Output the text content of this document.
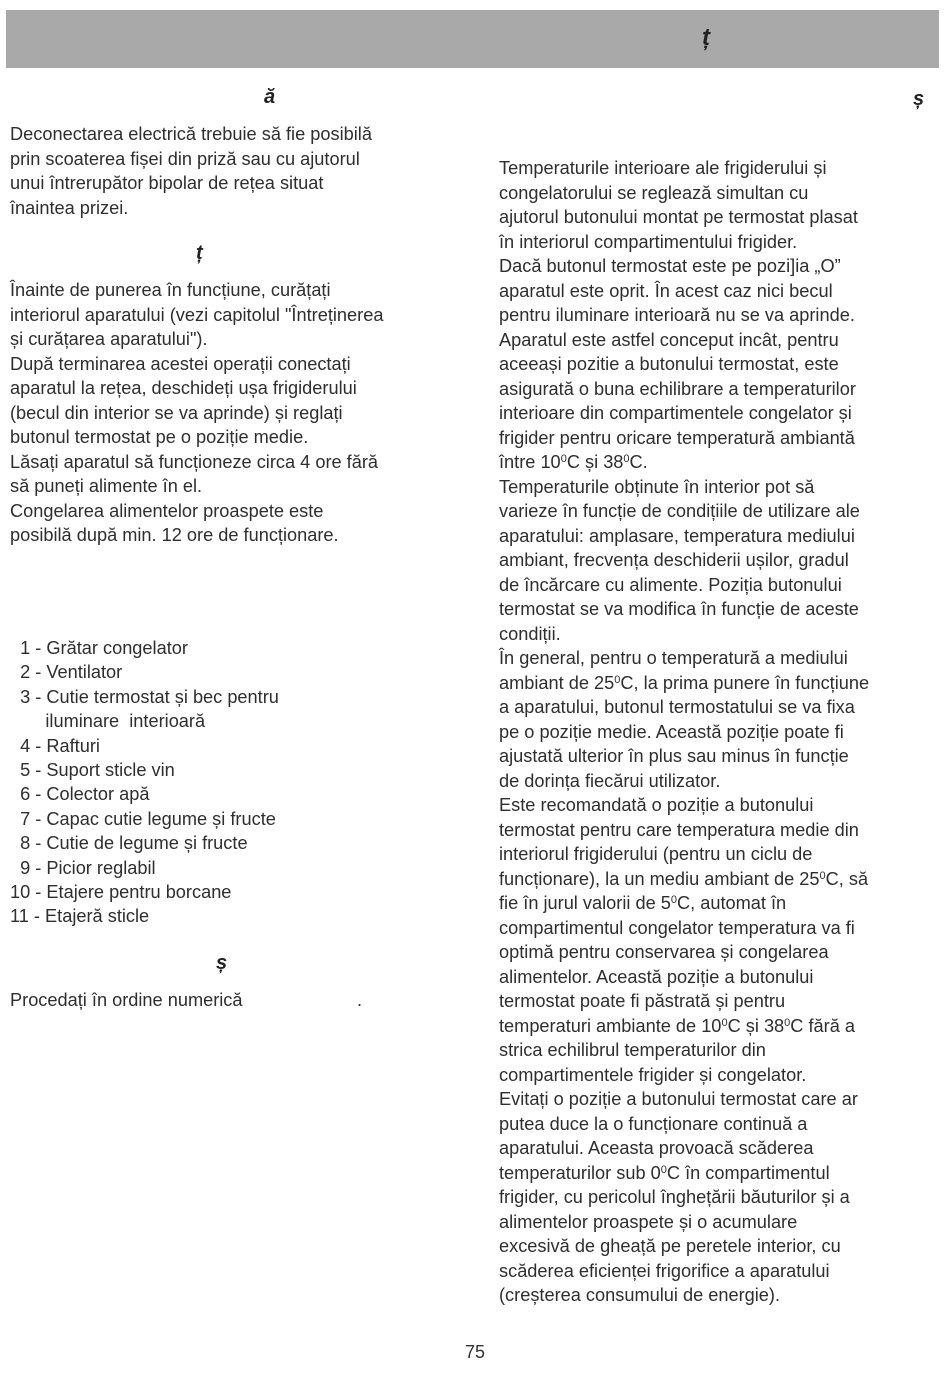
ț
ă
Deconectarea electrică trebuie să fie posibilă
prin scoaterea fișei din priză sau cu ajutorul
unui întrerupător bipolar de rețea situat
înaintea prizei.
ț
Înainte de punerea în funcțiune, curățați
interiorul aparatului (vezi capitolul "Întreținerea
și curățarea aparatului").
După terminarea acestei operații conectați
aparatul la rețea, deschideți ușa frigiderului
(becul din interior se va aprinde) și reglați
butonul termostat pe o poziție medie.
Lăsați aparatul să funcționeze circa 4 ore fără
să puneți alimente în el.
Congelarea alimentelor proaspete este
posibilă după min. 12 ore de funcționare.
1 - Grătar congelator
2 - Ventilator
3 - Cutie termostat și bec pentru
iluminare  interioară
4 - Rafturi
5 - Suport sticle vin
6 - Colector apă
7 - Capac cutie legume și fructe
8 - Cutie de legume și fructe
9 - Picior reglabil
10 - Etajere pentru borcane
11 - Etajeră sticle
ș
Procedați în ordine numerică	.
ș
Temperaturile interioare ale frigiderului și
congelatorului se reglează simultan cu
ajutorul butonului montat pe termostat plasat
în interiorul compartimentului frigider.
Dacă butonul termostat este pe pozi]ia „O”
aparatul este oprit. În acest caz nici becul
pentru iluminare interioară nu se va aprinde.
Aparatul este astfel conceput incât, pentru
aceeași pozitie a butonului termostat, este
asigurată o buna echilibrare a temperaturilor
interioare din compartimentele congelator și
frigider pentru oricare temperatură ambiantă
între $10^0C$ și $38^0C$.
Temperaturile obținute în interior pot să
varieze în funcție de condițiile de utilizare ale
aparatului: amplasare, temperatura mediului
ambiant, frecvența deschiderii ușilor, gradul
de încărcare cu alimente. Poziția butonului
termostat se va modifica în funcție de aceste
condiții.
În general, pentru o temperatură a mediului
ambiant de $25^0C$, la prima punere în funcțiune
a aparatului, butonul termostatului se va fixa
pe o poziție medie. Această poziție poate fi
ajustată ulterior în plus sau minus în funcție
de dorința fiecărui utilizator.
Este recomandată o poziție a butonului
termostat pentru care temperatura medie din
interiorul frigiderului (pentru un ciclu de
funcționare), la un mediu ambiant de $25^0C$, să
fie în jurul valorii de $5^0C$, automat în
compartimentul congelator temperatura va fi
optimă pentru conservarea și congelarea
alimentelor. Această poziție a butonului
termostat poate fi păstrată și pentru
temperaturi ambiante de $10^0C$ și $38^0C$ fără a
strica echilibrul temperaturilor din
compartimentele frigider și congelator.
Evitați o poziție a butonului termostat care ar
putea duce la o funcționare continuă a
aparatului. Aceasta provoacă scăderea
temperaturilor sub $0^0C$ în compartimentul
frigider, cu pericolul înghețării băuturilor și a
alimentelor proaspete și o acumulare
excesivă de gheață pe peretele interior, cu
scăderea eficienței frigorifice a aparatului
(creșterea consumului de energie).
75
